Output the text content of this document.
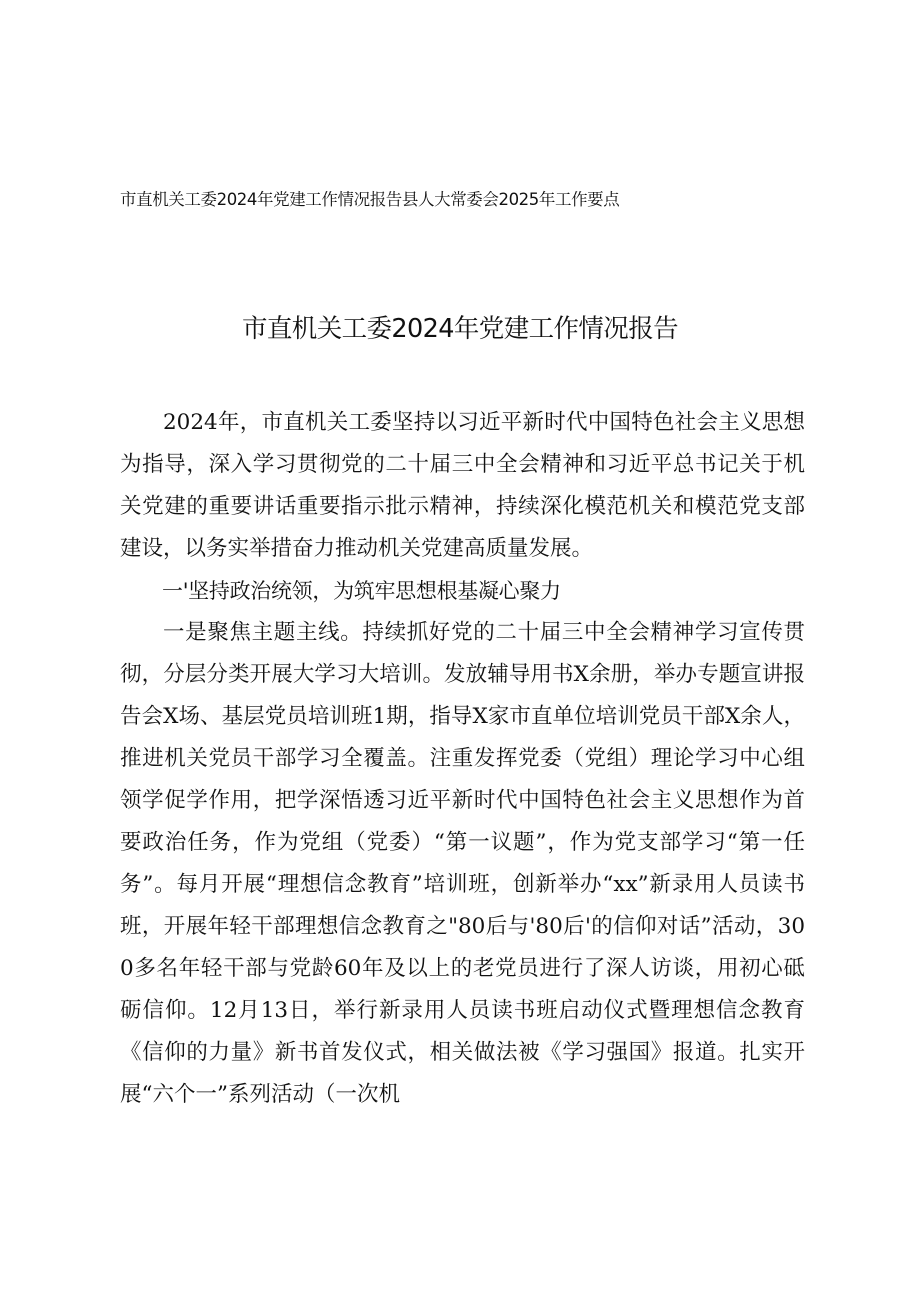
市直机关工委2024年党建工作情况报告县人大常委会2025年工作要点
市直机关工委2024年党建工作情况报告

2024年，市直机关工委坚持以习近平新时代中国特色社会主义思想为指导，深入学习贯彻党的二十届三中全会精神和习近平总书记关于机关党建的重要讲话重要指示批示精神，持续深化模范机关和模范党支部建设，以务实举措奋力推动机关党建高质量发展。

一'坚持政治统领，为筑牢思想根基凝心聚力

一是聚焦主题主线。持续抓好党的二十届三中全会精神学习宣传贯彻，分层分类开展大学习大培训。发放辅导用书X余册，举办专题宣讲报告会X场、基层党员培训班1期，指导X家市直单位培训党员干部X余人，推进机关党员干部学习全覆盖。注重发挥党委（党组）理论学习中心组领学促学作用，把学深悟透习近平新时代中国特色社会主义思想作为首要政治任务，作为党组（党委）“第一议题”，作为党支部学习“第一任务”。每月开展“理想信念教育”培训班，创新举办“xx”新录用人员读书班，开展年轻干部理想信念教育之"80后与'80后'的信仰对话”活动，300多名年轻干部与党龄60年及以上的老党员进行了深人访谈，用初心砥砺信仰。12月13日，举行新录用人员读书班启动仪式暨理想信念教育《信仰的力量》新书首发仪式，相关做法被《学习强国》报道。扎实开展“六个一”系列活动（一次机
